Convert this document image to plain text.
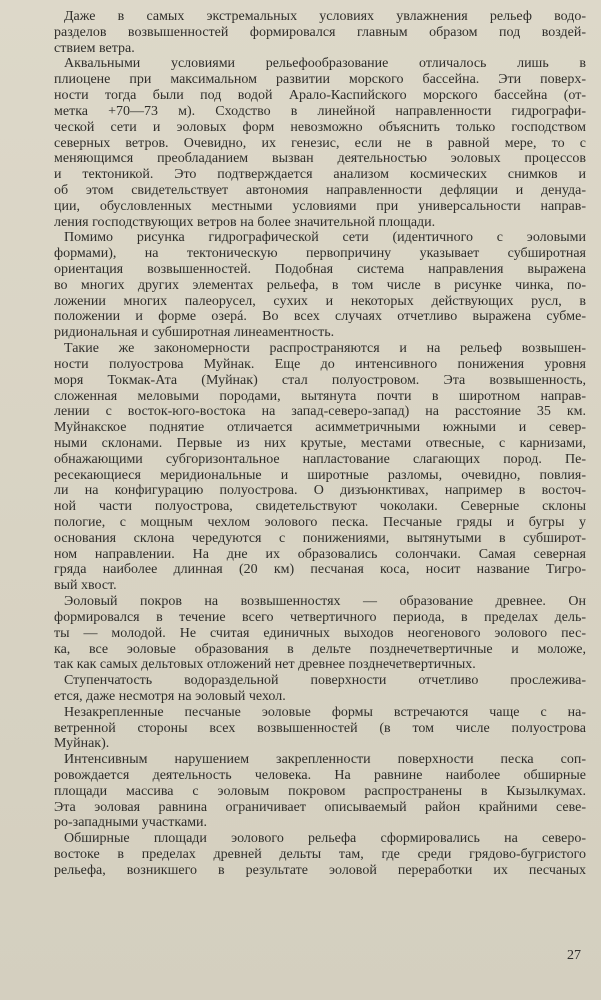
Даже в самых экстремальных условиях увлажнения рельеф водо-
разделов возвышенностей формировался главным образом под воздей-
ствием ветра.
Аквальными условиями рельефообразование отличалось лишь в
плиоцене при максимальном развитии морского бассейна. Эти поверх-
ности тогда были под водой Арало-Каспийского морского бассейна (от-
метка +70—73 м). Сходство в линейной направленности гидрографи-
ческой сети и эоловых форм невозможно объяснить только господством
северных ветров. Очевидно, их генезис, если не в равной мере, то с
меняющимся преобладанием вызван деятельностью эоловых процессов
и тектоникой. Это подтверждается анализом космических снимков и
об этом свидетельствует автономия направленности дефляции и денуда-
ции, обусловленных местными условиями при универсальности направ-
ления господствующих ветров на более значительной площади.
Помимо рисунка гидрографической сети (идентичного с эоловыми
формами), на тектоническую первопричину указывает субширотная
ориентация возвышенностей. Подобная система направления выражена
во многих других элементах рельефа, в том числе в рисунке чинка, по-
ложении многих палеорусел, сухих и некоторых действующих русл, в
положении и форме озерá. Во всех случаях отчетливо выражена субме-
ридиональная и субширотная линеаментность.
Такие же закономерности распространяются и на рельеф возвышен-
ности полуострова Муйнак. Еще до интенсивного понижения уровня
моря Токмак-Ата (Муйнак) стал полуостровом. Эта возвышенность,
сложенная меловыми породами, вытянута почти в широтном направ-
лении с восток-юго-востока на запад-северо-запад) на расстояние 35 км.
Муйнакское поднятие отличается асимметричными южными и север-
ными склонами. Первые из них крутые, местами отвесные, с карнизами,
обнажающими субгоризонтальное напластование слагающих пород. Пе-
ресекающиеся меридиональные и широтные разломы, очевидно, повлия-
ли на конфигурацию полуострова. О дизъюнктивах, например в восточ-
ной части полуострова, свидетельствуют чоколаки. Северные склоны
пологие, с мощным чехлом эолового песка. Песчаные гряды и бугры у
основания склона чередуются с понижениями, вытянутыми в субширот-
ном направлении. На дне их образовались солончаки. Самая северная
гряда наиболее длинная (20 км) песчаная коса, носит название Тигро-
вый хвост.
Эоловый покров на возвышенностях — образование древнее. Он
формировался в течение всего четвертичного периода, в пределах дель-
ты — молодой. Не считая единичных выходов неогенового эолового пес-
ка, все эоловые образования в дельте позднечетвертичные и моложе,
так как самых дельтовых отложений нет древнее позднечетвертичных.
Ступенчатость водораздельной поверхности отчетливо прослежива-
ется, даже несмотря на эоловый чехол.
Незакрепленные песчаные эоловые формы встречаются чаще с на-
ветренной стороны всех возвышенностей (в том числе полуострова
Муйнак).
Интенсивным нарушением закрепленности поверхности песка соп-
ровождается деятельность человека. На равнине наиболее обширные
площади массива с эоловым покровом распространены в Кызылкумах.
Эта эоловая равнина ограничивает описываемый район крайними севе-
ро-западными участками.
Обширные площади эолового рельефа сформировались на северо-
востоке в пределах древней дельты там, где среди грядово-бугристого
рельефа, возникшего в результате эоловой переработки их песчаных
27
